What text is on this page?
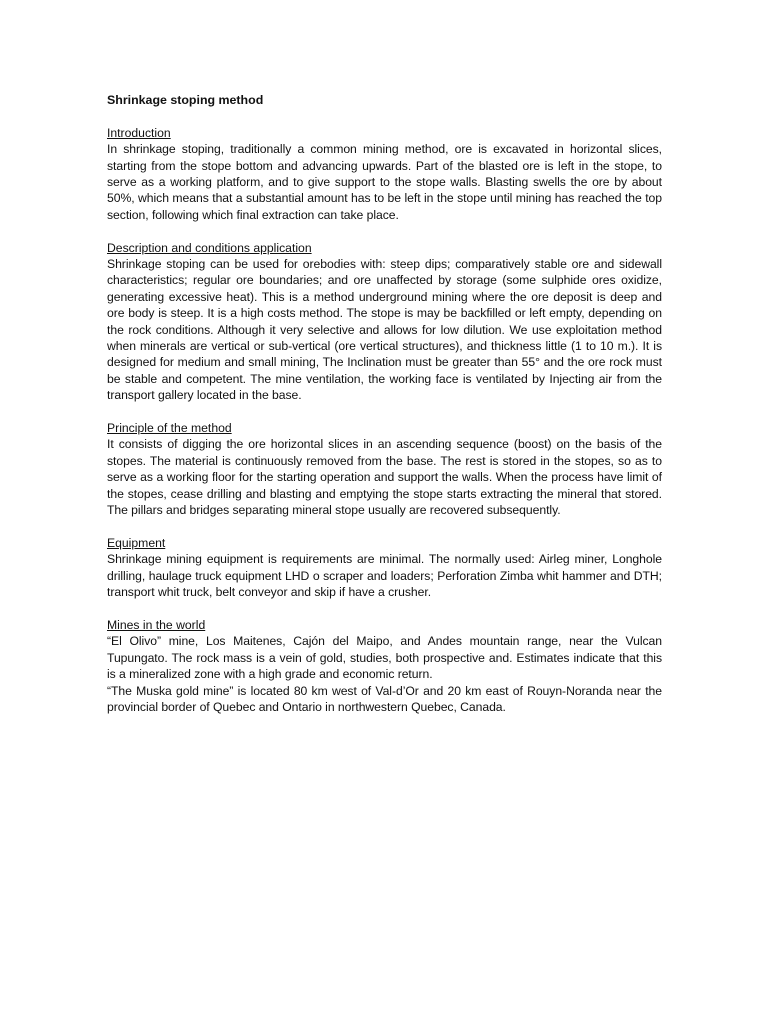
Shrinkage stoping method
Introduction

In shrinkage stoping, traditionally a common mining method, ore is excavated in horizontal slices, starting from the stope bottom and advancing upwards. Part of the blasted ore is left in the stope, to serve as a working platform, and to give support to the stope walls. Blasting swells the ore by about 50%, which means that a substantial amount has to be left in the stope until mining has reached the top section, following which final extraction can take place.

Description and conditions application

Shrinkage stoping can be used for orebodies with: steep dips; comparatively stable ore and sidewall characteristics; regular ore boundaries; and ore unaffected by storage (some sulphide ores oxidize, generating excessive heat). This is a method underground mining where the ore deposit is deep and ore body is steep. It is a high costs method. The stope is may be backfilled or left empty, depending on the rock conditions. Although it very selective and allows for low dilution. We use exploitation method when minerals are vertical or sub-vertical (ore vertical structures), and thickness little (1 to 10 m.). It is designed for medium and small mining, The Inclination must be greater than 55° and the ore rock must be stable and competent. The mine ventilation, the working face is ventilated by Injecting air from the transport gallery located in the base.

Principle of the method

It consists of digging the ore horizontal slices in an ascending sequence (boost) on the basis of the stopes. The material is continuously removed from the base. The rest is stored in the stopes, so as to serve as a working floor for the starting operation and support the walls. When the process have limit of the stopes, cease drilling and blasting and emptying the stope starts extracting the mineral that stored. The pillars and bridges separating mineral stope usually are recovered subsequently.

Equipment

Shrinkage mining equipment is requirements are minimal. The normally used: Airleg miner, Longhole drilling, haulage truck equipment LHD o scraper and loaders; Perforation Zimba whit hammer and DTH; transport whit truck, belt conveyor and skip if have a crusher.

Mines in the world

“El Olivo” mine, Los Maitenes, Cajón del Maipo, and Andes mountain range, near the Vulcan Tupungato. The rock mass is a vein of gold, studies, both prospective and. Estimates indicate that this is a mineralized zone with a high grade and economic return.

“The Muska gold mine” is located 80 km west of Val-d’Or and 20 km east of Rouyn-Noranda near the provincial border of Quebec and Ontario in northwestern Quebec, Canada.
